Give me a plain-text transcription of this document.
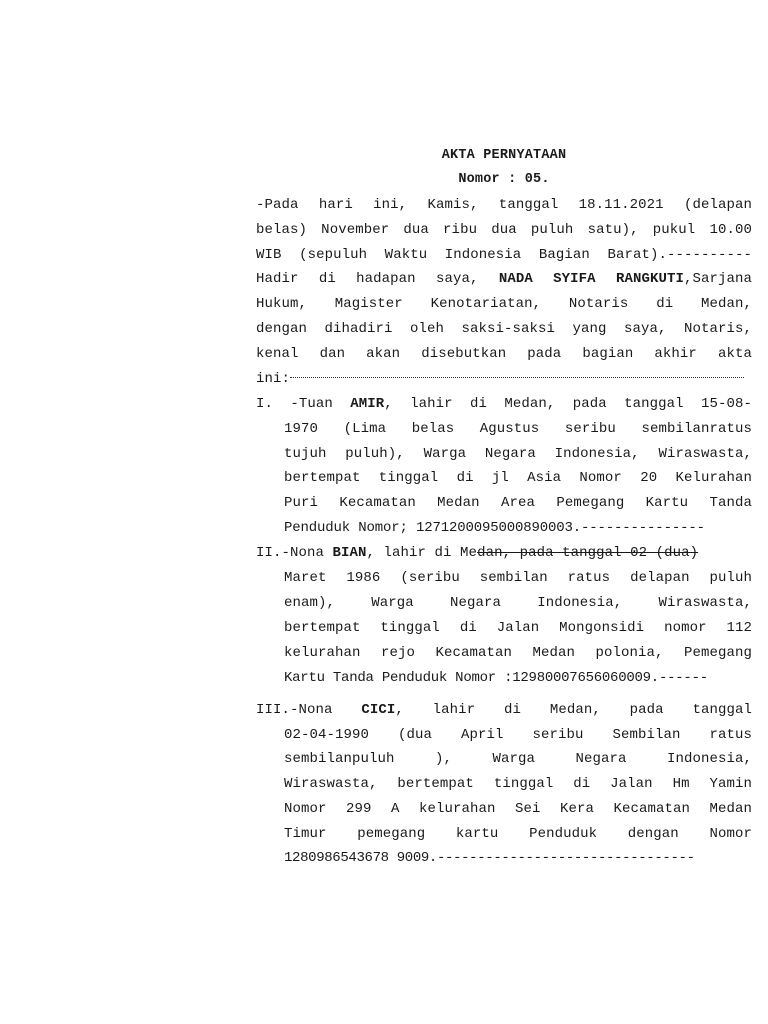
AKTA PERNYATAAN
Nomor : 05.
-Pada hari ini, Kamis, tanggal 18.11.2021 (delapan
belas) November dua ribu dua puluh satu), pukul 10.00
WIB (sepuluh Waktu Indonesia Bagian Barat).----------
Hadir di hadapan saya, NADA SYIFA RANGKUTI,Sarjana
Hukum, Magister Kenotariatan, Notaris di Medan,
dengan dihadiri oleh saksi-saksi yang saya, Notaris,
kenal dan akan disebutkan pada bagian akhir akta
ini:
I. -Tuan AMIR, lahir di Medan, pada tanggal 15-08-
1970 (Lima belas Agustus seribu sembilanratus
tujuh puluh), Warga Negara Indonesia, Wiraswasta,
bertempat tinggal di jl Asia Nomor 20 Kelurahan
Puri Kecamatan Medan Area Pemegang Kartu Tanda
Penduduk Nomor; 1271200095000890003.---------------
II.-Nona BIAN, lahir di Medan, pada tanggal 02 (dua)
Maret 1986 (seribu sembilan ratus delapan puluh
enam), Warga Negara Indonesia, Wiraswasta,
bertempat tinggal di Jalan Mongonsidi nomor 112
kelurahan rejo Kecamatan Medan polonia, Pemegang
Kartu Tanda Penduduk Nomor :12980007656060009.------
III.-Nona CICI, lahir di Medan, pada tanggal
02-04-1990 (dua April seribu Sembilan ratus
sembilanpuluh ), Warga Negara Indonesia,
Wiraswasta, bertempat tinggal di Jalan Hm Yamin
Nomor 299 A kelurahan Sei Kera Kecamatan Medan
Timur pemegang kartu Penduduk dengan Nomor
1280986543678 9009.--------------------------------
